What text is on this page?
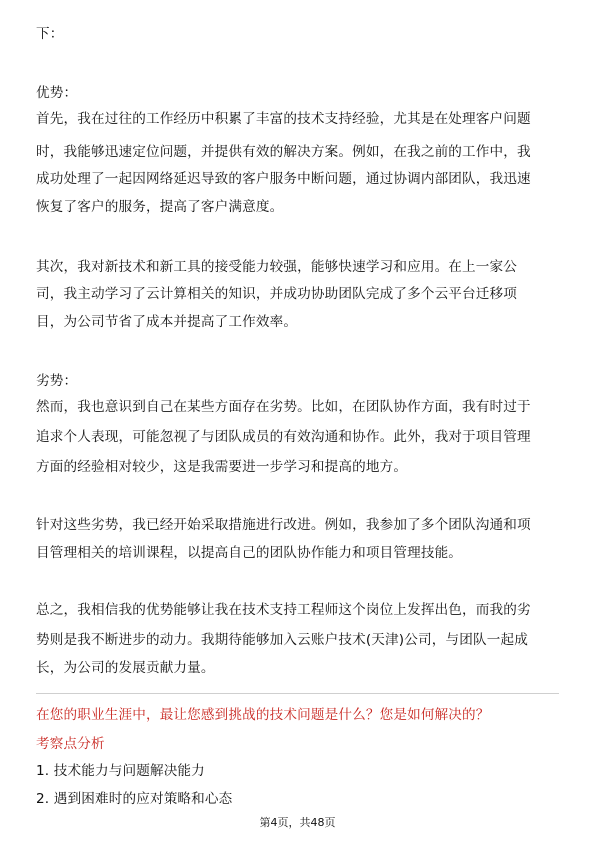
下：
优势：
首先，我在过往的工作经历中积累了丰富的技术支持经验，尤其是在处理客户问题
时，我能够迅速定位问题，并提供有效的解决方案。例如，在我之前的工作中，我
成功处理了一起因网络延迟导致的客户服务中断问题，通过协调内部团队，我迅速
恢复了客户的服务，提高了客户满意度。
其次，我对新技术和新工具的接受能力较强，能够快速学习和应用。在上一家公
司，我主动学习了云计算相关的知识，并成功协助团队完成了多个云平台迁移项
目，为公司节省了成本并提高了工作效率。
劣势：
然而，我也意识到自己在某些方面存在劣势。比如，在团队协作方面，我有时过于
追求个人表现，可能忽视了与团队成员的有效沟通和协作。此外，我对于项目管理
方面的经验相对较少，这是我需要进一步学习和提高的地方。
针对这些劣势，我已经开始采取措施进行改进。例如，我参加了多个团队沟通和项
目管理相关的培训课程，以提高自己的团队协作能力和项目管理技能。
总之，我相信我的优势能够让我在技术支持工程师这个岗位上发挥出色，而我的劣
势则是我不断进步的动力。我期待能够加入云账户技术(天津)公司，与团队一起成
长，为公司的发展贡献力量。
在您的职业生涯中，最让您感到挑战的技术问题是什么？您是如何解决的？
考察点分析
1. 技术能力与问题解决能力
2. 遇到困难时的应对策略和心态
第4页，共48页
